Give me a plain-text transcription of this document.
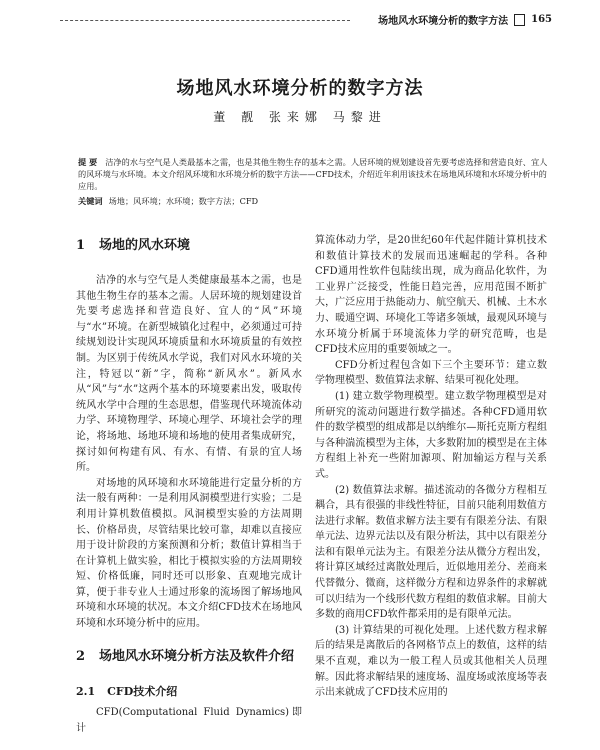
场地风水环境分析的数字方法 165
场地风水环境分析的数字方法
董 靓 张来娜 马黎进
提 要 洁净的水与空气是人类最基本之需，也是其他生物生存的基本之需。人居环境的规划建设首先要考虑选择和营造良好、宜人的风环境与水环境。本文介绍风环境和水环境分析的数字方法——CFD技术，介绍近年利用该技术在场地风环境和水环境分析中的应用。
关键词 场地；风环境；水环境；数字方法；CFD
1 场地的风水环境

洁净的水与空气是人类健康最基本之需，也是其他生物生存的基本之需。人居环境的规划建设首先要考虑选择和营造良好、宜人的“风”环境与“水”环境。在新型城镇化过程中，必须通过可持续规划设计实现风环境质量和水环境质量的有效控制。为区别于传统风水学说，我们对风水环境的关注，特冠以“新”字，简称“新风水”。新风水从“风”与“水”这两个基本的环境要素出发，吸取传统风水学中合理的生态思想，借鉴现代环境流体动力学、环境物理学、环境心理学、环境社会学的理论，将场地、场地环境和场地的使用者集成研究，探讨如何构建有风、有水、有情、有景的宜人场所。

对场地的风环境和水环境能进行定量分析的方法一般有两种：一是利用风洞模型进行实验；二是利用计算机数值模拟。风洞模型实验的方法周期长、价格昂贵，尽管结果比较可靠，却难以直接应用于设计阶段的方案预测和分析；数值计算相当于在计算机上做实验，相比于模拟实验的方法周期较短、价格低廉，同时还可以形象、直观地完成计算，便于非专业人士通过形象的流场图了解场地风环境和水环境的状况。本文介绍CFD技术在场地风环境和水环境分析中的应用。

2 场地风水环境分析方法及软件介绍
2.1 CFD技术介绍

CFD(Computational Fluid Dynamics)即计

算流体动力学，是20世纪60年代起伴随计算机技术和数值计算技术的发展而迅速崛起的学科。各种CFD通用性软件包陆续出现，成为商品化软件，为工业界广泛接受，性能日趋完善，应用范围不断扩大，广泛应用于热能动力、航空航天、机械、土木水力、暖通空调、环境化工等诸多领域，最观风环境与水环境分析属于环境流体力学的研究范畴，也是CFD技术应用的重要领域之一。

CFD分析过程包含如下三个主要环节：建立数学物理模型、数值算法求解、结果可视化处理。

(1) 建立数学物理模型。建立数学物理模型是对所研究的流动问题进行数学描述。各种CFD通用软件的数学模型的组成都是以纳维尔—斯托克斯方程组与各种湍流模型为主体，大多数附加的模型是在主体方程组上补充一些附加源项、附加输运方程与关系式。

(2) 数值算法求解。描述流动的各微分方程相互耦合，具有很强的非线性特征，目前只能利用数值方法进行求解。数值求解方法主要有有限差分法、有限单元法、边界元法以及有限分析法，其中以有限差分法和有限单元法为主。有限差分法从微分方程出发，将计算区域经过离散处理后，近似地用差分、差商来代替微分、微商，这样微分方程和边界条件的求解就可以归结为一个线形代数方程组的数值求解。目前大多数的商用CFD软件都采用的是有限单元法。

(3) 计算结果的可视化处理。上述代数方程求解后的结果是离散后的各网格节点上的数值，这样的结果不直观，难以为一般工程人员或其他相关人员理解。因此将求解结果的速度场、温度场或浓度场等表示出来就成了CFD技术应用的
